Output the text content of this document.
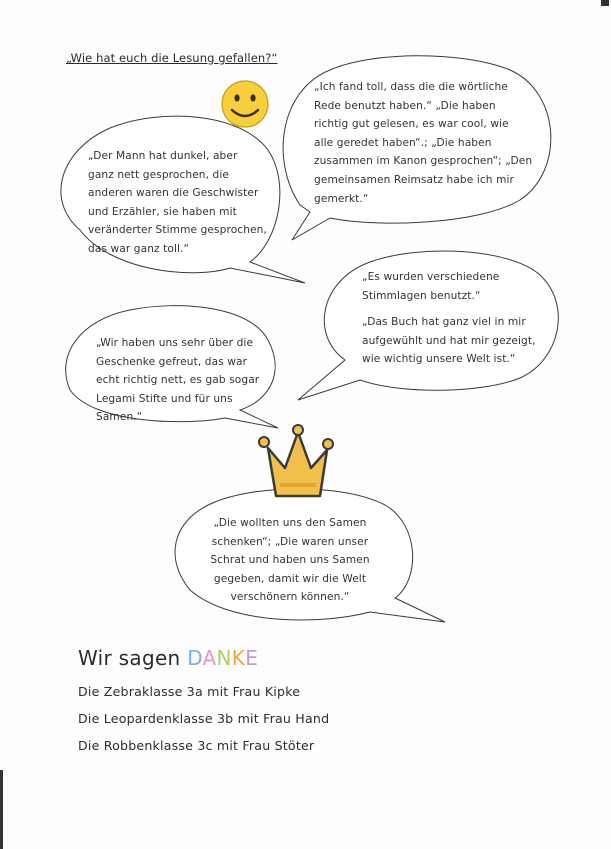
„Wie hat euch die Lesung gefallen?“

„Ich fand toll, dass die die wörtliche

Rede benutzt haben.“ „Die haben

richtig gut gelesen, es war cool, wie

alle geredet haben“.; „Die haben

zusammen im Kanon gesprochen“; „Den

gemeinsamen Reimsatz habe ich mir

gemerkt.“

„Der Mann hat dunkel, aber

ganz nett gesprochen, die

anderen waren die Geschwister

und Erzähler, sie haben mit

veränderter Stimme gesprochen,

das war ganz toll.“

„Es wurden verschiedene

Stimmlagen benutzt.“

„Das Buch hat ganz viel in mir

aufgewühlt und hat mir gezeigt,

wie wichtig unsere Welt ist.“

„Wir haben uns sehr über die

Geschenke gefreut, das war

echt richtig nett, es gab sogar

Legami Stifte und für uns

Samen.“

„Die wollten uns den Samen

schenken“; „Die waren unser

Schrat und haben uns Samen

gegeben, damit wir die Welt

verschönern können.“

Wir sagen DANKE
Die Zebraklasse 3a mit Frau Kipke
Die Leopardenklasse 3b mit Frau Hand
Die Robbenklasse 3c mit Frau Stöter
